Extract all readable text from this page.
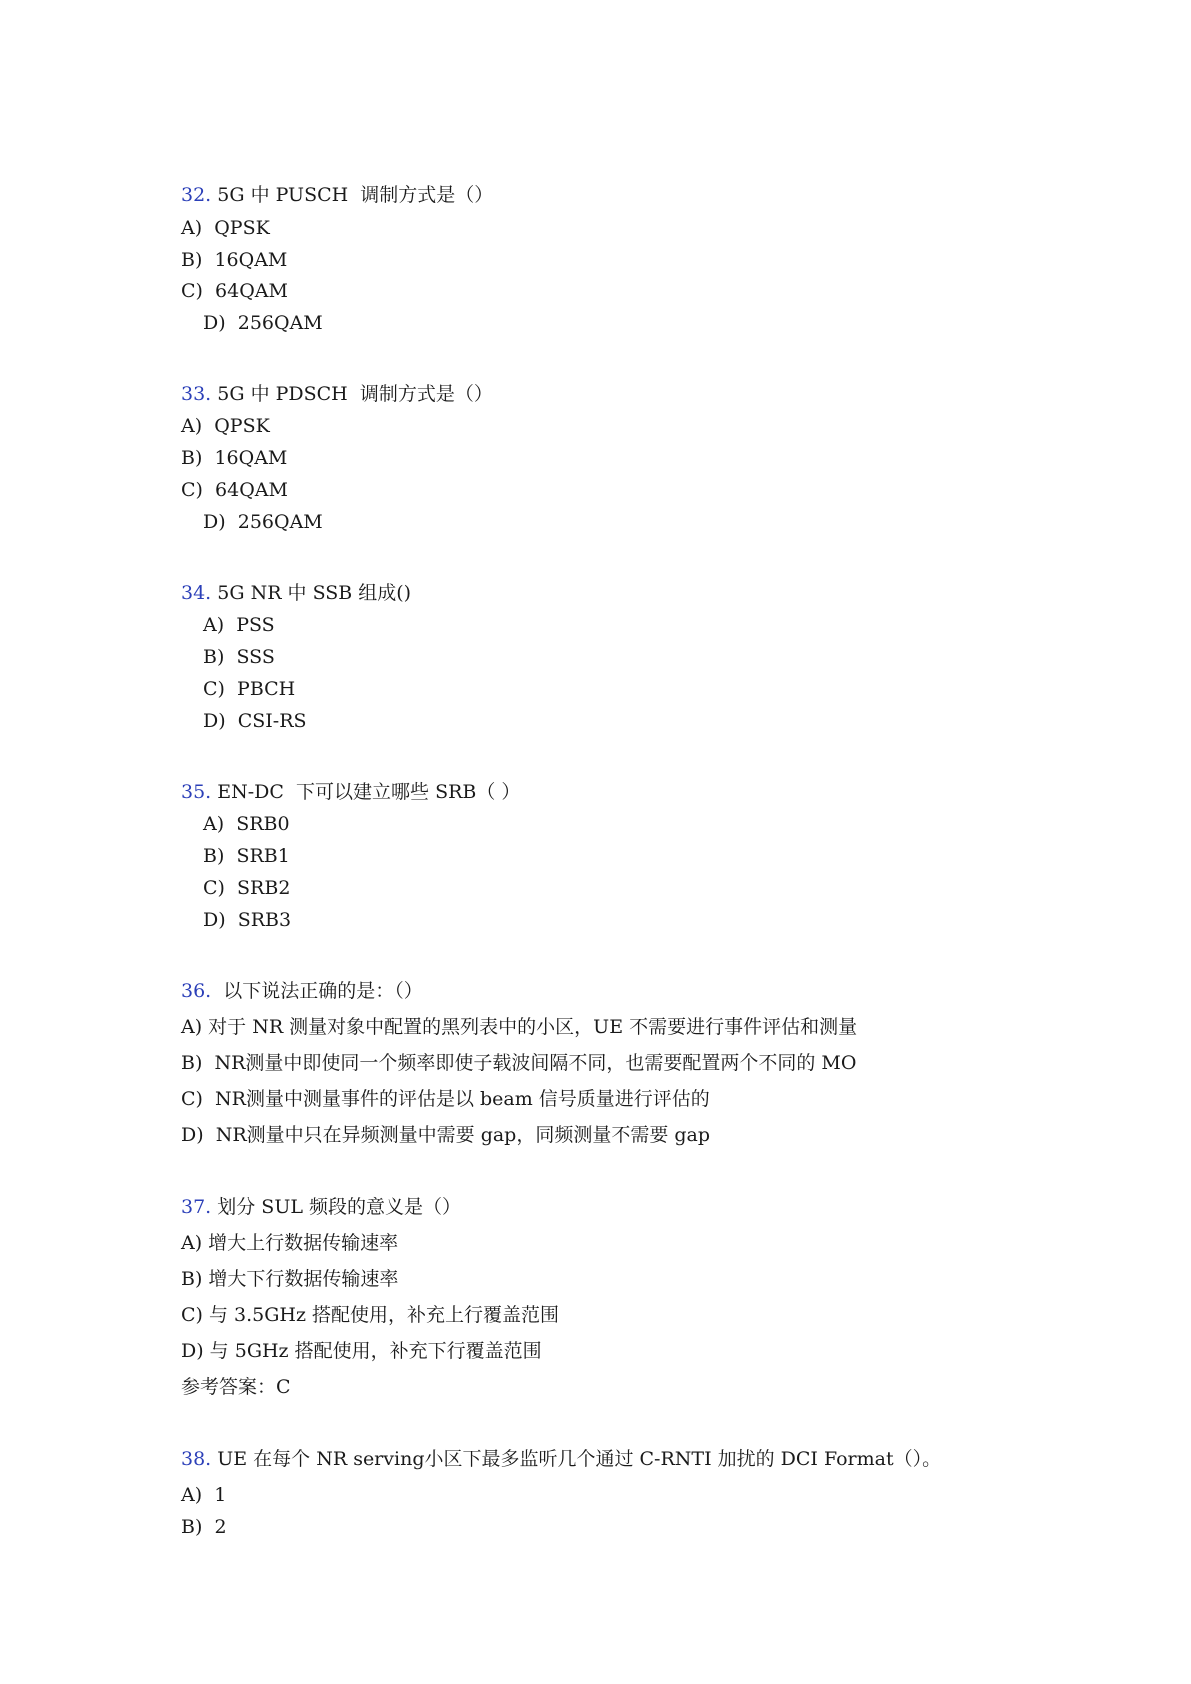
32. 5G 中 PUSCH  调制方式是（）
A)  QPSK
B)  16QAM
C)  64QAM
D)  256QAM
33. 5G 中 PDSCH  调制方式是（）
A)  QPSK
B)  16QAM
C)  64QAM
D)  256QAM
34. 5G NR 中 SSB 组成()
A)  PSS
B)  SSS
C)  PBCH
D)  CSI-RS
35. EN-DC  下可以建立哪些 SRB（ ）
A)  SRB0
B)  SRB1
C)  SRB2
D)  SRB3
36.  以下说法正确的是：（）
A) 对于 NR 测量对象中配置的黑列表中的小区，UE 不需要进行事件评估和测量
B)  NR测量中即使同一个频率即使子载波间隔不同，也需要配置两个不同的 MO
C)  NR测量中测量事件的评估是以 beam 信号质量进行评估的
D)  NR测量中只在异频测量中需要 gap，同频测量不需要 gap
37. 划分 SUL 频段的意义是（）
A) 增大上行数据传输速率
B) 增大下行数据传输速率
C) 与 3.5GHz 搭配使用，补充上行覆盖范围
D) 与 5GHz 搭配使用，补充下行覆盖范围
参考答案：C
38. UE 在每个 NR serving小区下最多监听几个通过 C-RNTI 加扰的 DCI Format（）。
A)  1
B)  2
